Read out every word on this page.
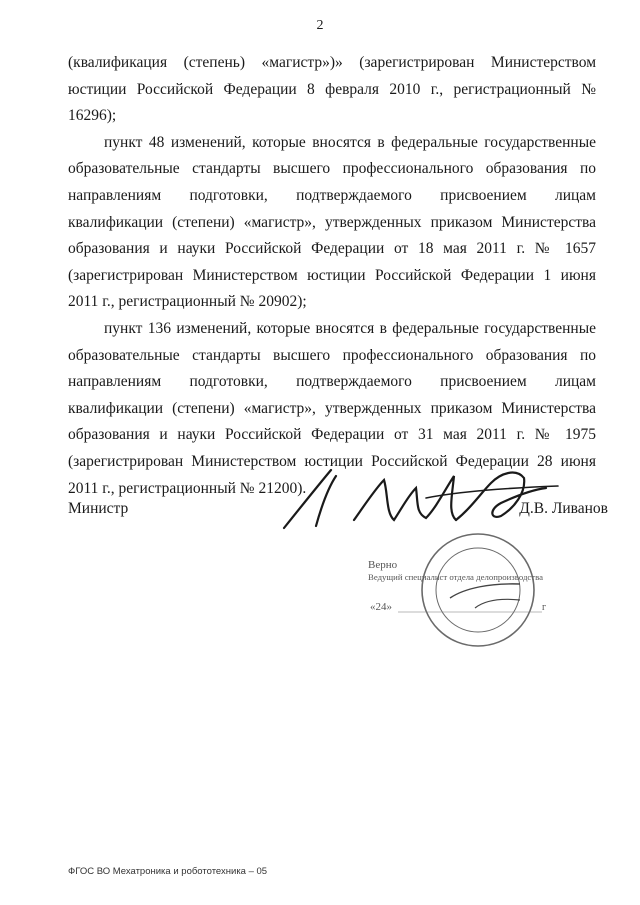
2

(квалификация (степень) «магистр»)» (зарегистрирован Министерством юстиции Российской Федерации 8 февраля 2010 г., регистрационный № 16296);

пункт 48 изменений, которые вносятся в федеральные государственные образовательные стандарты высшего профессионального образования по направлениям подготовки, подтверждаемого присвоением лицам квалификации (степени) «магистр», утвержденных приказом Министерства образования и науки Российской Федерации от 18 мая 2011 г. № 1657 (зарегистрирован Министерством юстиции Российской Федерации 1 июня 2011 г., регистрационный № 20902);

пункт 136 изменений, которые вносятся в федеральные государственные образовательные стандарты высшего профессионального образования по направлениям подготовки, подтверждаемого присвоением лицам квалификации (степени) «магистр», утвержденных приказом Министерства образования и науки Российской Федерации от 31 мая 2011 г. № 1975 (зарегистрирован Министерством юстиции Российской Федерации 28 июня 2011 г., регистрационный № 21200).

Министр	Д.В. Ливанов
Верно
Ведущий специалист отдела делопроизводства
«24»	г
ФГОС ВО Мехатроника и робототехника – 05
